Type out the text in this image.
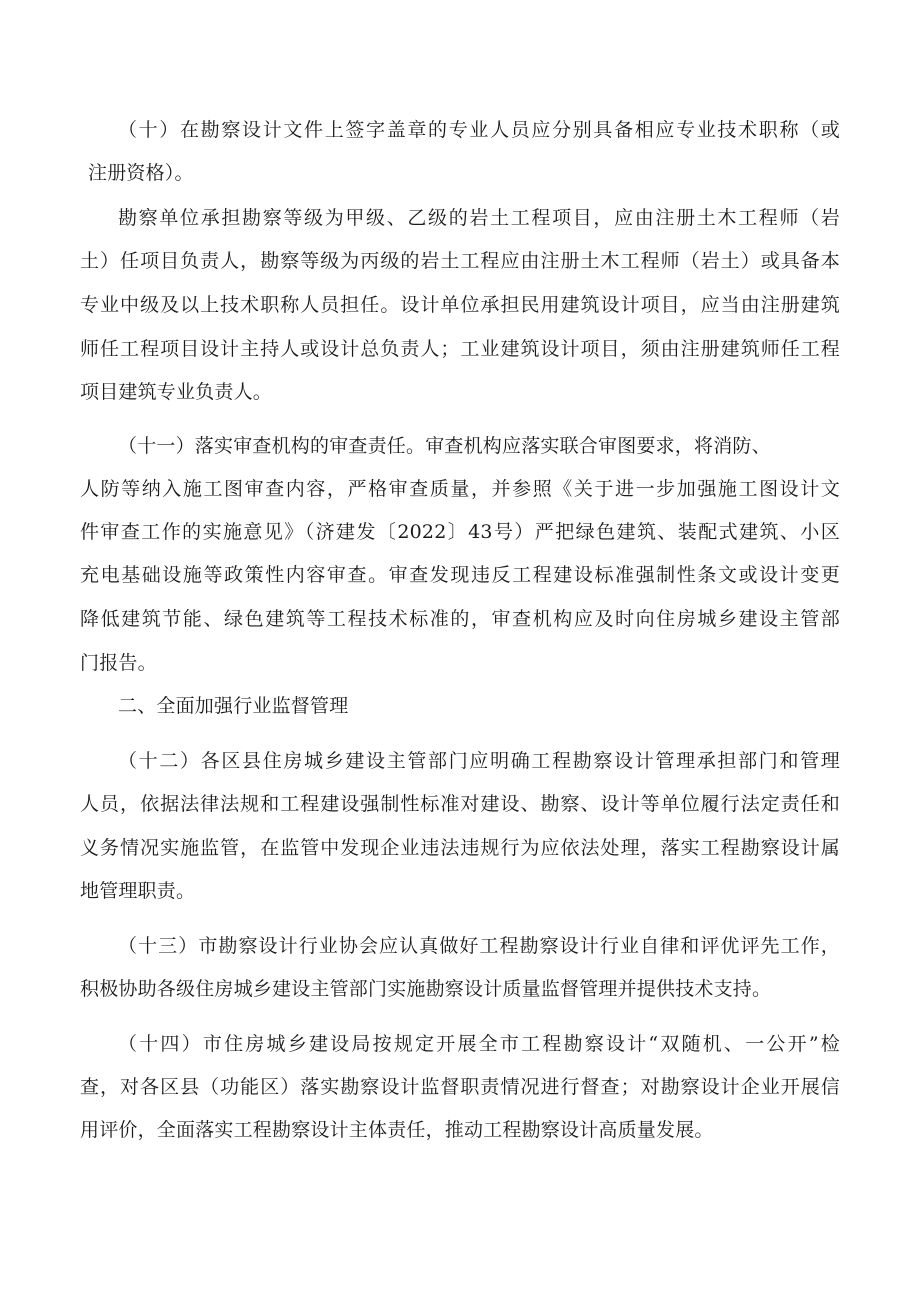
（十）在勘察设计文件上签字盖章的专业人员应分别具备相应专业技术职称（或
注册资格）。
勘察单位承担勘察等级为甲级、乙级的岩土工程项目，应由注册土木工程师（岩
土）任项目负责人，勘察等级为丙级的岩土工程应由注册土木工程师（岩土）或具备本
专业中级及以上技术职称人员担任。设计单位承担民用建筑设计项目，应当由注册建筑
师任工程项目设计主持人或设计总负责人；工业建筑设计项目，须由注册建筑师任工程
项目建筑专业负责人。
（十一）落实审查机构的审查责任。审查机构应落实联合审图要求，将消防、
人防等纳入施工图审查内容，严格审查质量，并参照《关于进一步加强施工图设计文
件审查工作的实施意见》（济建发〔2022〕43号）严把绿色建筑、装配式建筑、小区
充电基础设施等政策性内容审查。审查发现违反工程建设标准强制性条文或设计变更
降低建筑节能、绿色建筑等工程技术标准的，审查机构应及时向住房城乡建设主管部
门报告。
二、全面加强行业监督管理
（十二）各区县住房城乡建设主管部门应明确工程勘察设计管理承担部门和管理
人员，依据法律法规和工程建设强制性标准对建设、勘察、设计等单位履行法定责任和
义务情况实施监管，在监管中发现企业违法违规行为应依法处理，落实工程勘察设计属
地管理职责。
（十三）市勘察设计行业协会应认真做好工程勘察设计行业自律和评优评先工作，
积极协助各级住房城乡建设主管部门实施勘察设计质量监督管理并提供技术支持。
（十四）市住房城乡建设局按规定开展全市工程勘察设计“双随机、一公开”检
查，对各区县（功能区）落实勘察设计监督职责情况进行督查；对勘察设计企业开展信
用评价，全面落实工程勘察设计主体责任，推动工程勘察设计高质量发展。
